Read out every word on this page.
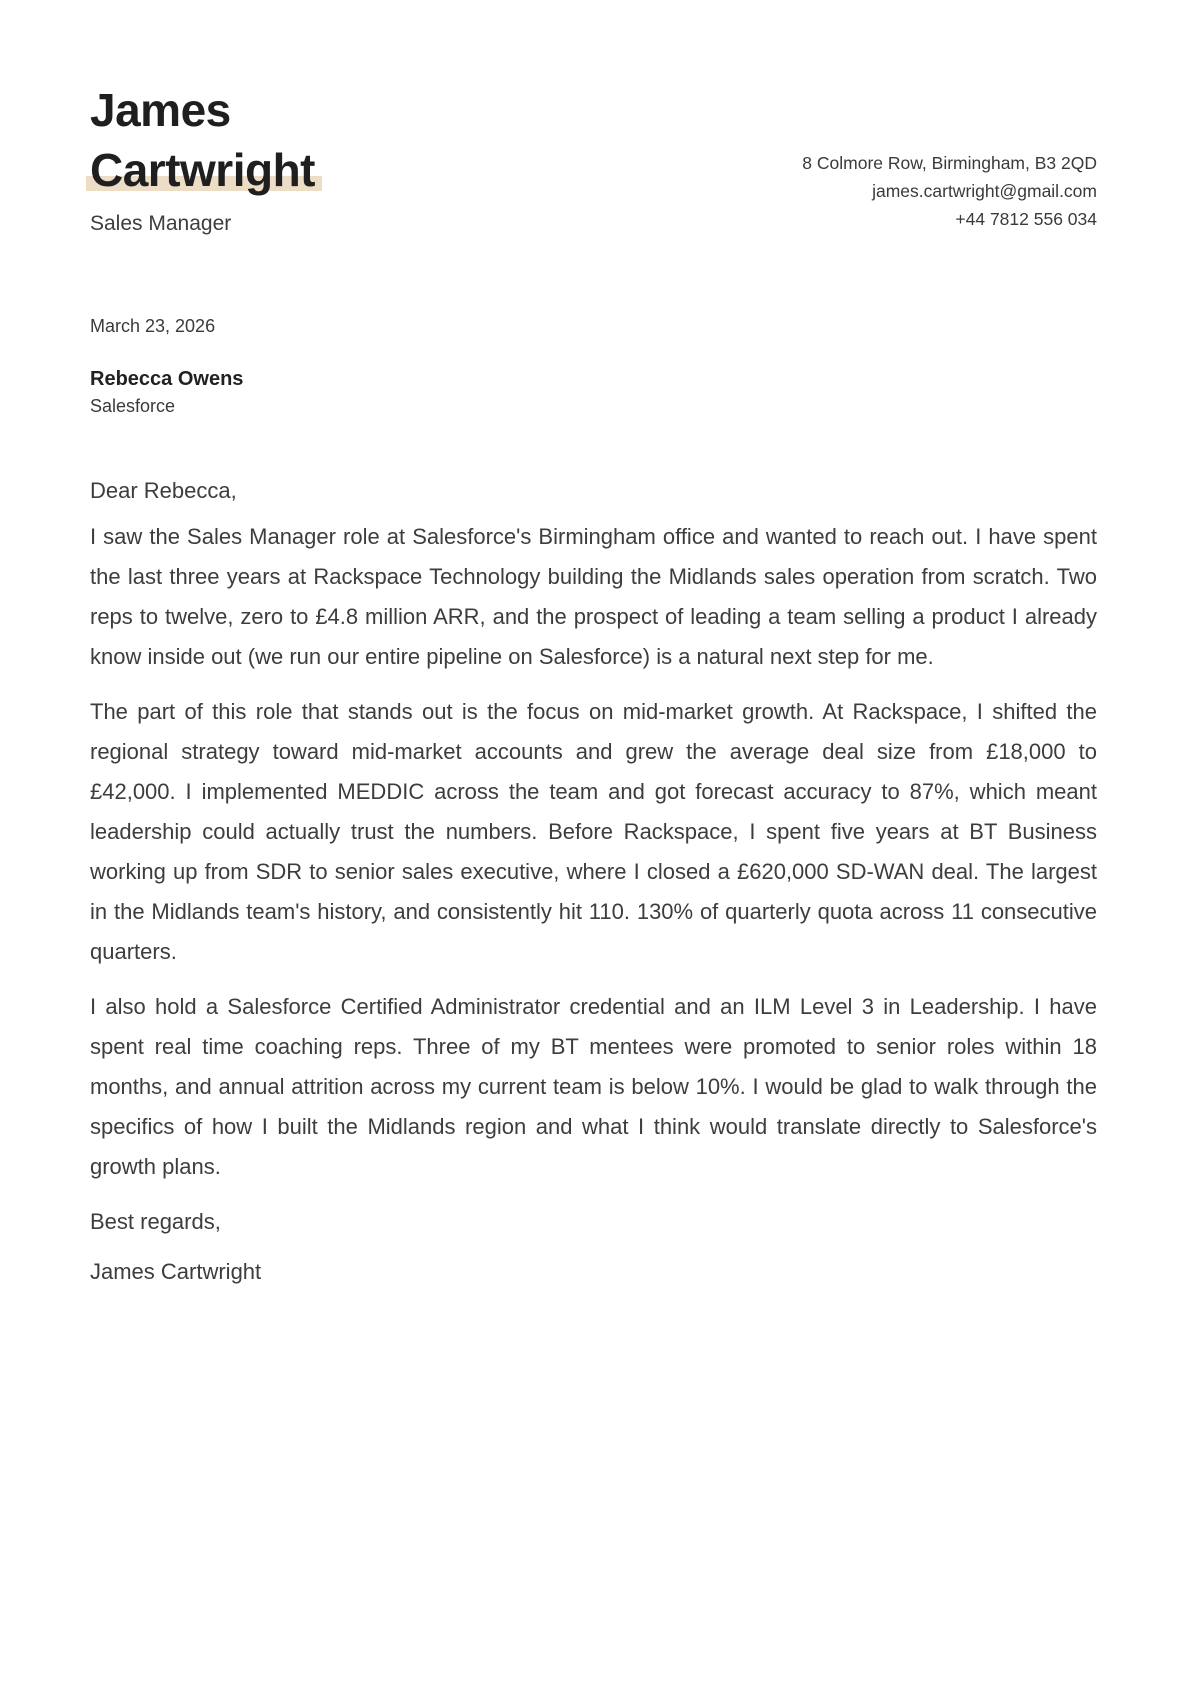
James
Cartwright
Sales Manager
8 Colmore Row, Birmingham, B3 2QD
james.cartwright@gmail.com
+44 7812 556 034
March 23, 2026
Rebecca Owens
Salesforce
Dear Rebecca,

I saw the Sales Manager role at Salesforce's Birmingham office and wanted to reach out. I have spent the last three years at Rackspace Technology building the Midlands sales operation from scratch. Two reps to twelve, zero to £4.8 million ARR, and the prospect of leading a team selling a product I already know inside out (we run our entire pipeline on Salesforce) is a natural next step for me.

The part of this role that stands out is the focus on mid-market growth. At Rackspace, I shifted the regional strategy toward mid-market accounts and grew the average deal size from £18,000 to £42,000. I implemented MEDDIC across the team and got forecast accuracy to 87%, which meant leadership could actually trust the numbers. Before Rackspace, I spent five years at BT Business working up from SDR to senior sales executive, where I closed a £620,000 SD-WAN deal. The largest in the Midlands team's history, and consistently hit 110. 130% of quarterly quota across 11 consecutive quarters.

I also hold a Salesforce Certified Administrator credential and an ILM Level 3 in Leadership. I have spent real time coaching reps. Three of my BT mentees were promoted to senior roles within 18 months, and annual attrition across my current team is below 10%. I would be glad to walk through the specifics of how I built the Midlands region and what I think would translate directly to Salesforce's growth plans.

Best regards,
James Cartwright
